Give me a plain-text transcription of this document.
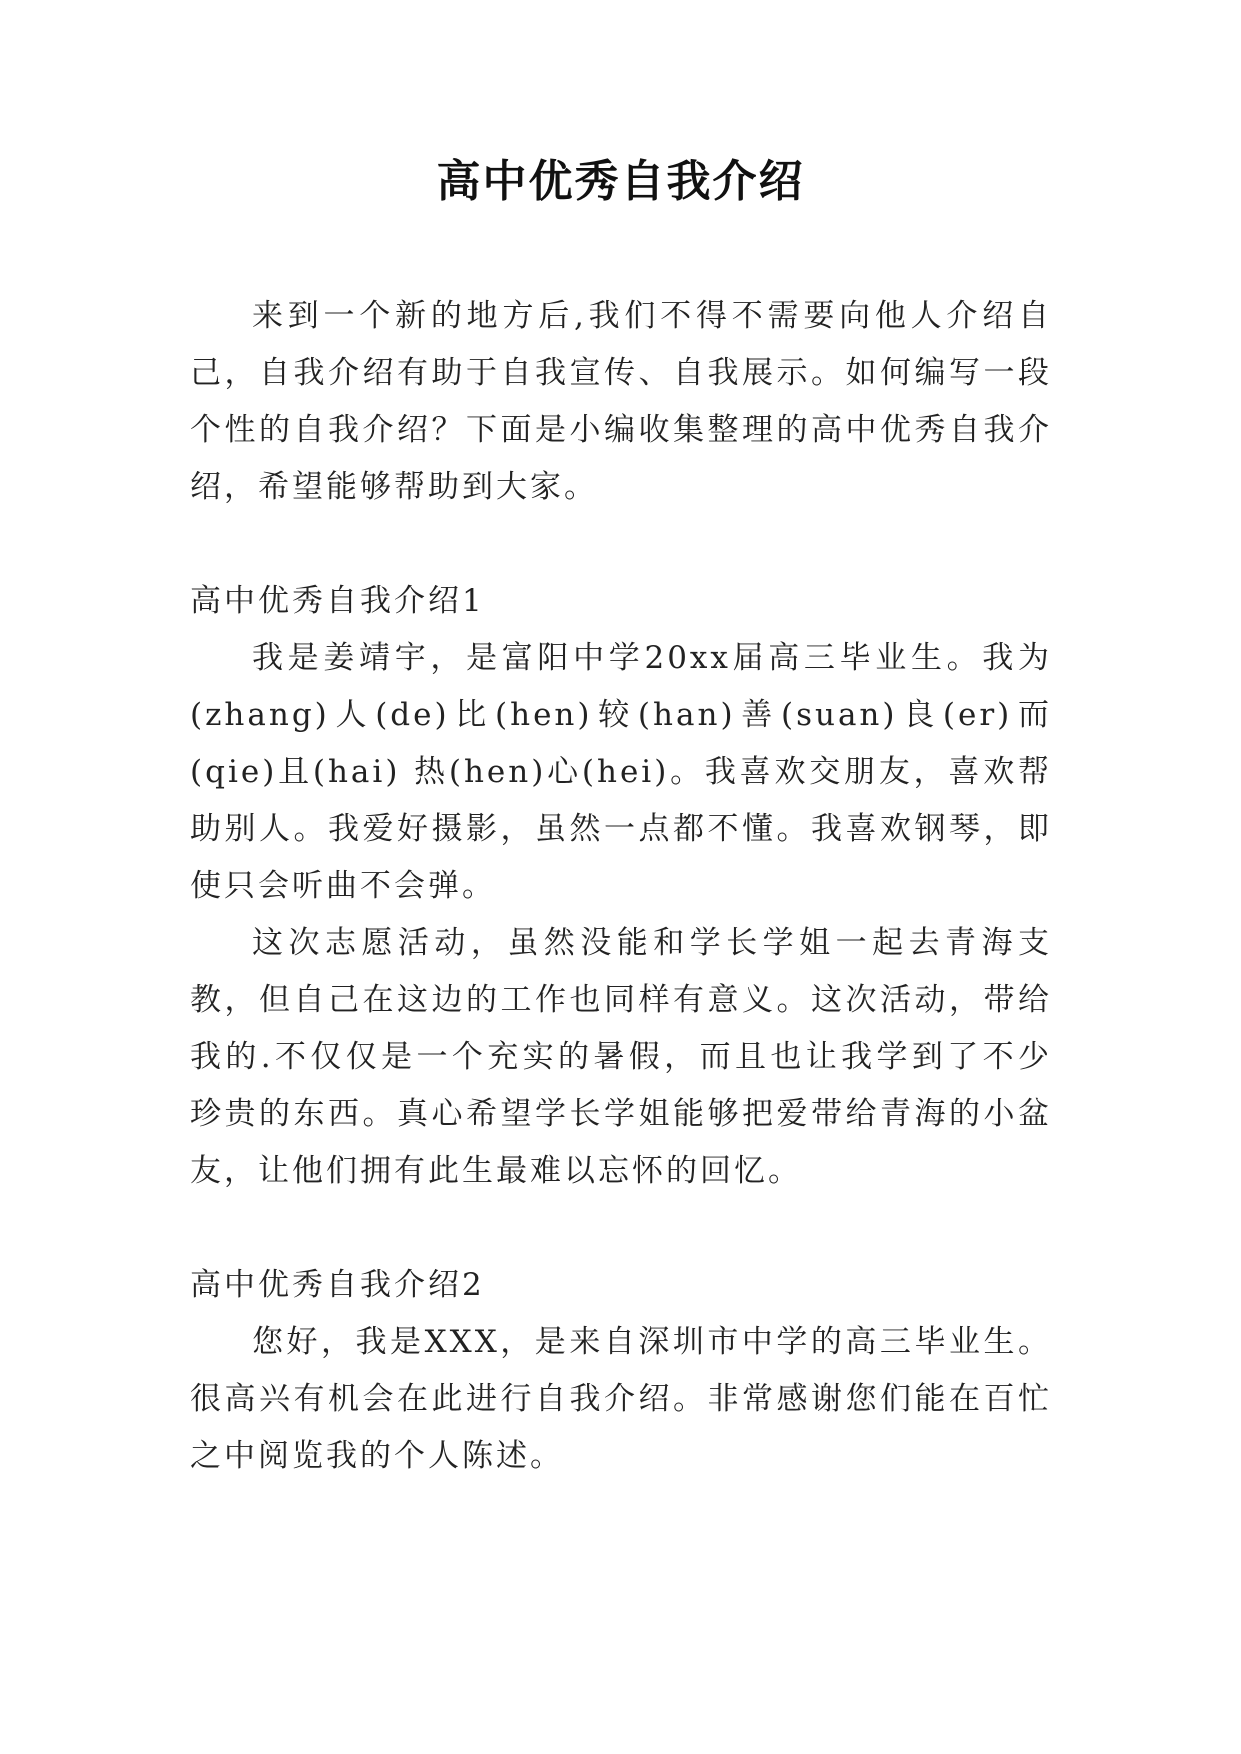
高中优秀自我介绍

来到一个新的地方后,我们不得不需要向他人介绍自己，自我介绍有助于自我宣传、自我展示。如何编写一段个性的自我介绍？下面是小编收集整理的高中优秀自我介绍，希望能够帮助到大家。

高中优秀自我介绍1

我是姜靖宇，是富阳中学20xx届高三毕业生。我为(zhang)人(de)比(hen)较(han)善(suan)良(er)而(qie)且(hai) 热(hen)心(hei)。我喜欢交朋友，喜欢帮助别人。我爱好摄影，虽然一点都不懂。我喜欢钢琴，即使只会听曲不会弹。

这次志愿活动，虽然没能和学长学姐一起去青海支教，但自己在这边的工作也同样有意义。这次活动，带给我的.不仅仅是一个充实的暑假，而且也让我学到了不少珍贵的东西。真心希望学长学姐能够把爱带给青海的小盆友，让他们拥有此生最难以忘怀的回忆。

高中优秀自我介绍2

您好，我是XXX，是来自深圳市中学的高三毕业生。很高兴有机会在此进行自我介绍。非常感谢您们能在百忙之中阅览我的个人陈述。
